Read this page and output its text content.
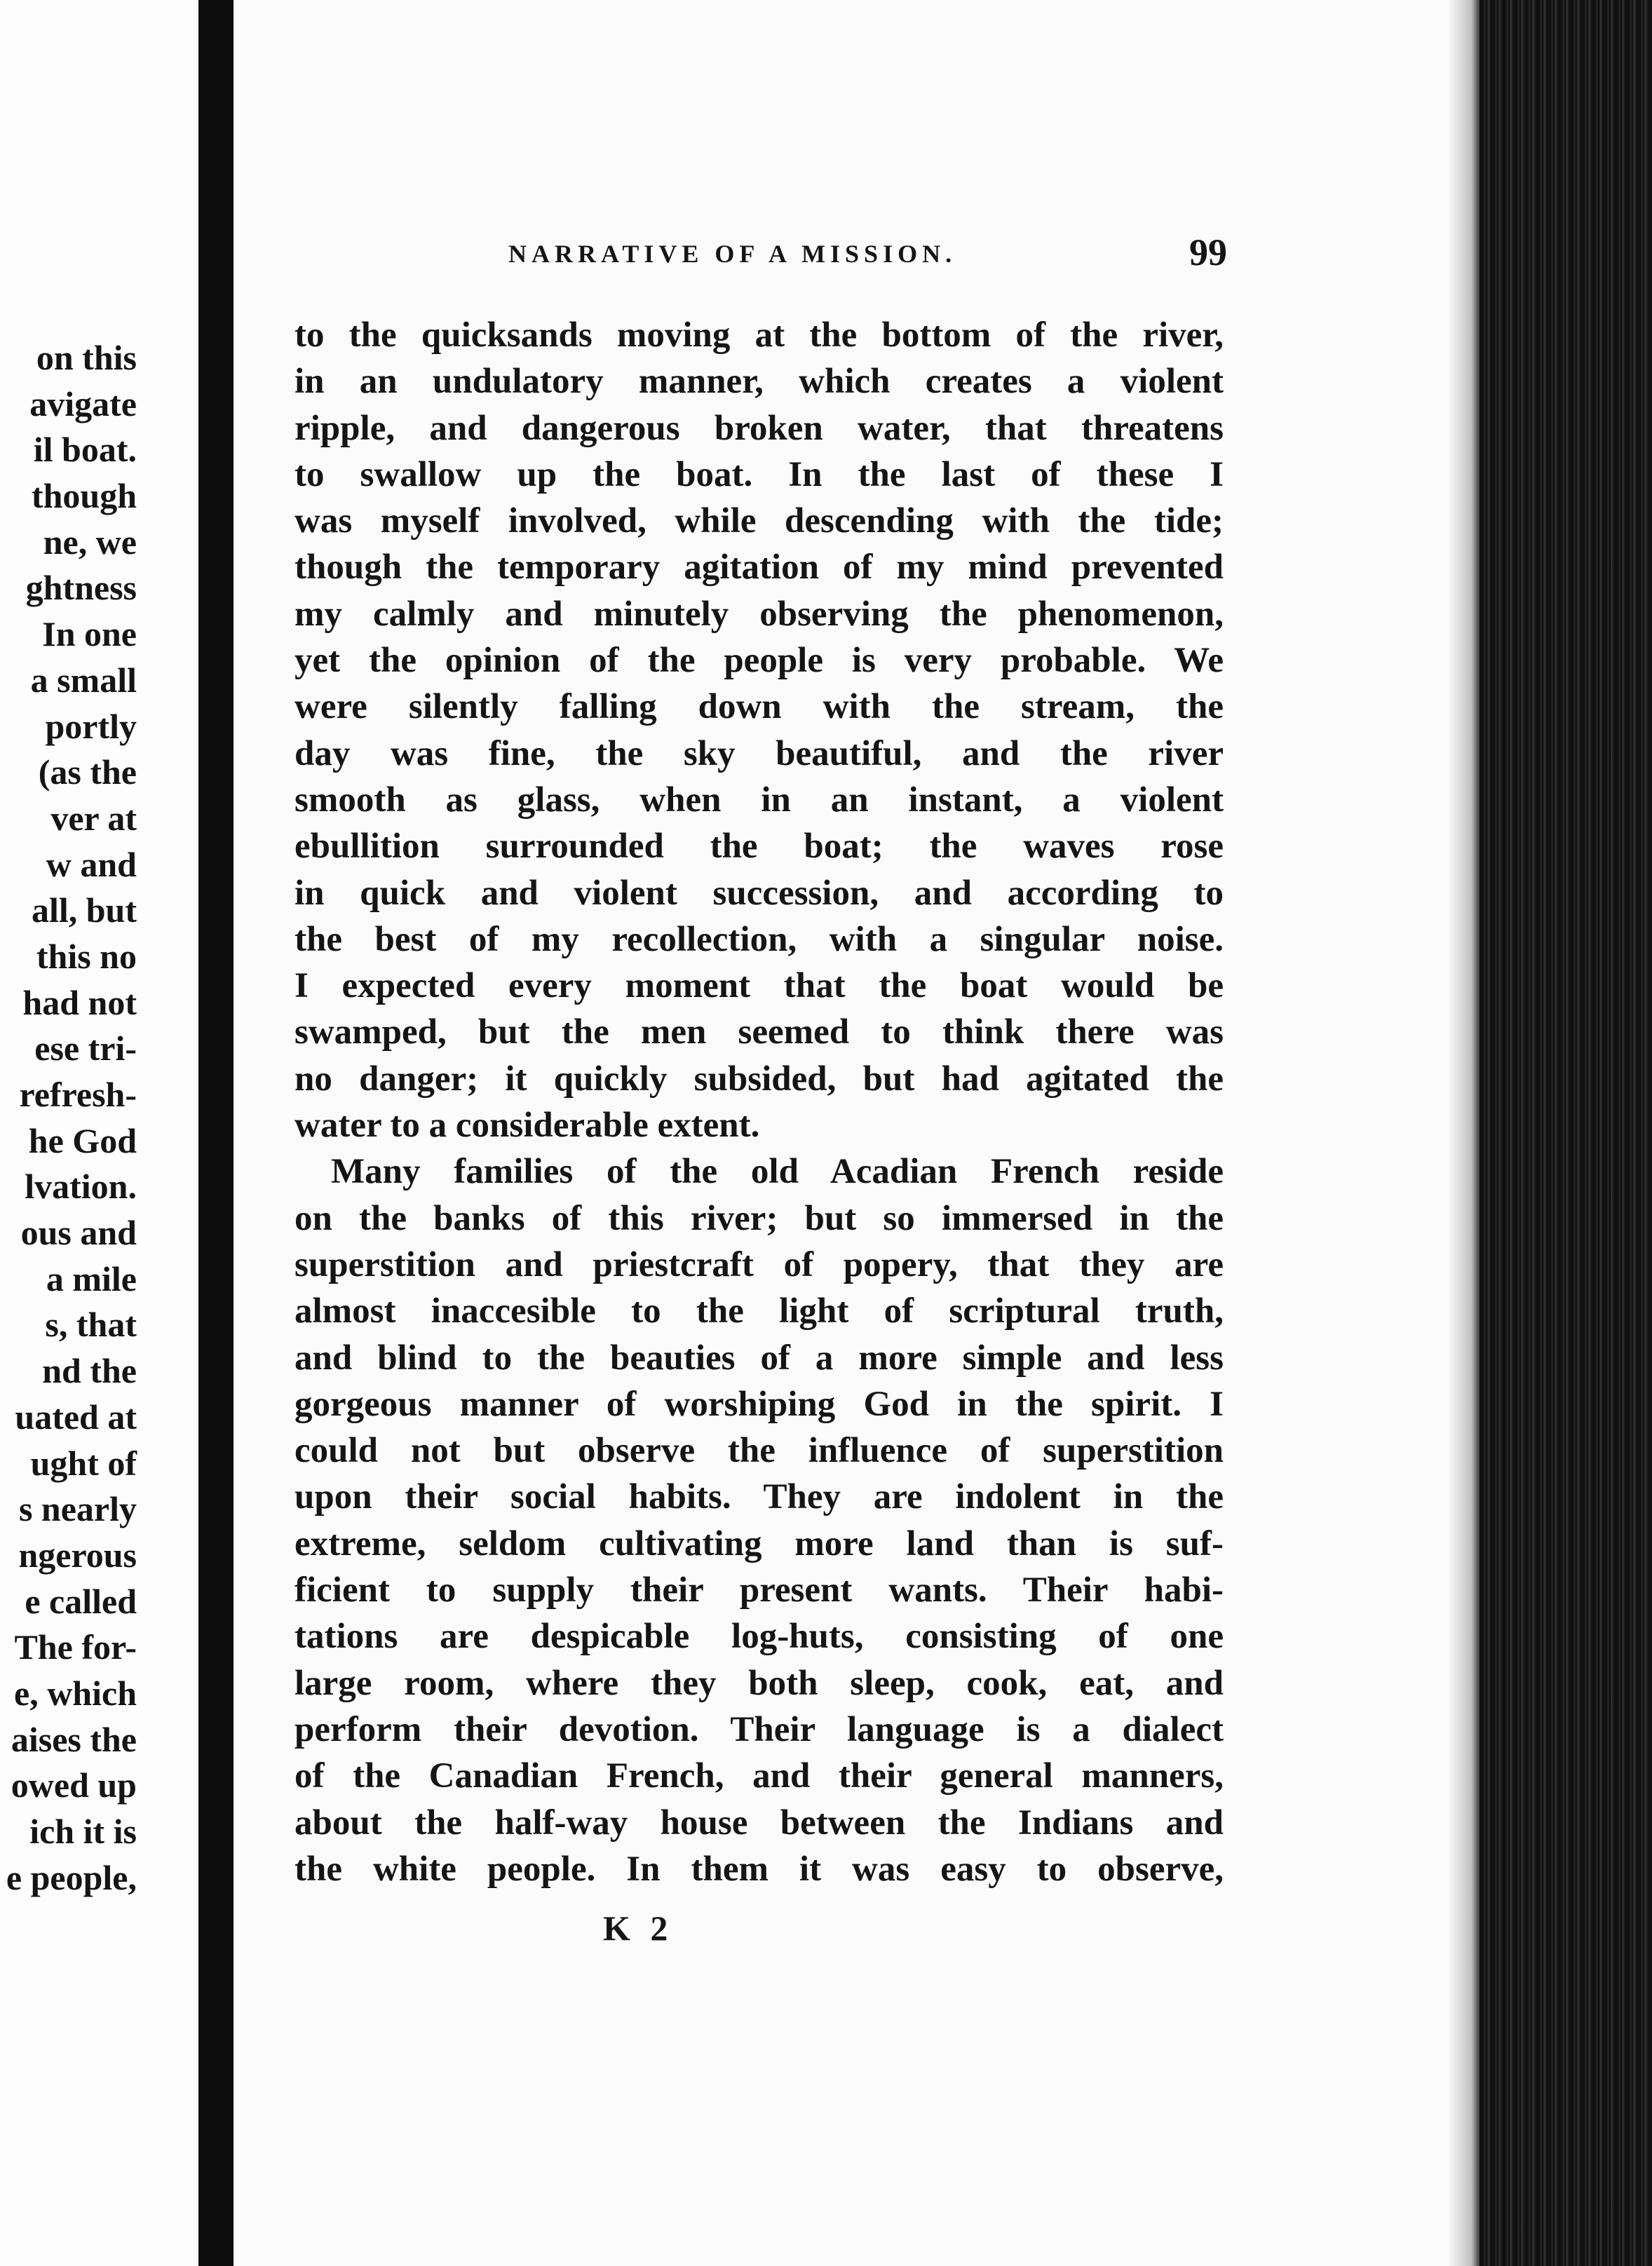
on this
avigate
il boat.
though
ne, we
ghtness
In one
a small
portly
(as the
ver at
w and
all, but
this no
had not
ese tri-
refresh-
he God
lvation.
ous and
a mile
s, that
nd the
uated at
ught of
s nearly
ngerous
e called
The for-
e, which
aises the
owed up
ich it is
e people,
NARRATIVE OF A MISSION.	99
to the quicksands moving at the bottom of the river,
in an undulatory manner, which creates a violent
ripple, and dangerous broken water, that threatens
to swallow up the boat. In the last of these I
was myself involved, while descending with the tide;
though the temporary agitation of my mind prevented
my calmly and minutely observing the phenomenon,
yet the opinion of the people is very probable. We
were silently falling down with the stream, the
day was fine, the sky beautiful, and the river
smooth as glass, when in an instant, a violent
ebullition surrounded the boat; the waves rose
in quick and violent succession, and according to
the best of my recollection, with a singular noise.
I expected every moment that the boat would be
swamped, but the men seemed to think there was
no danger; it quickly subsided, but had agitated the
water to a considerable extent.
Many families of the old Acadian French reside
on the banks of this river; but so immersed in the
superstition and priestcraft of popery, that they are
almost inaccesible to the light of scriptural truth,
and blind to the beauties of a more simple and less
gorgeous manner of worshiping God in the spirit. I
could not but observe the influence of superstition
upon their social habits. They are indolent in the
extreme, seldom cultivating more land than is suf-
ficient to supply their present wants. Their habi-
tations are despicable log-huts, consisting of one
large room, where they both sleep, cook, eat, and
perform their devotion. Their language is a dialect
of the Canadian French, and their general manners,
about the half-way house between the Indians and
the white people. In them it was easy to observe,
K 2
